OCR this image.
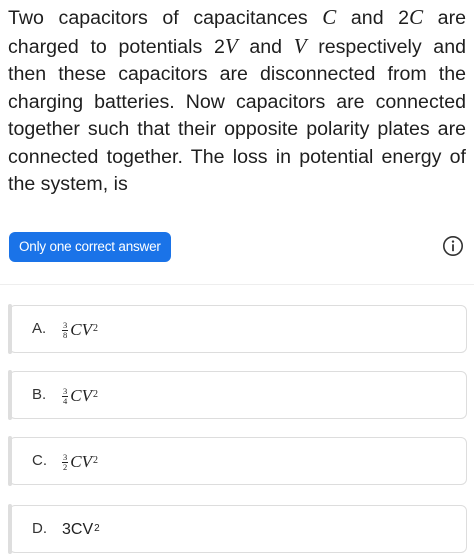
Two capacitors of capacitances C and 2C are charged to potentials 2V and V respectively and then these capacitors are disconnected from the charging batteries. Now capacitors are connected together such that their opposite polarity plates are connected together. The loss in potential energy of the system, is
Only one correct answer
A. $\frac{3}{8} CV^2$
B. $\frac{3}{4} CV^2$
C. $\frac{3}{2} CV^2$
D. $3CV^2$
